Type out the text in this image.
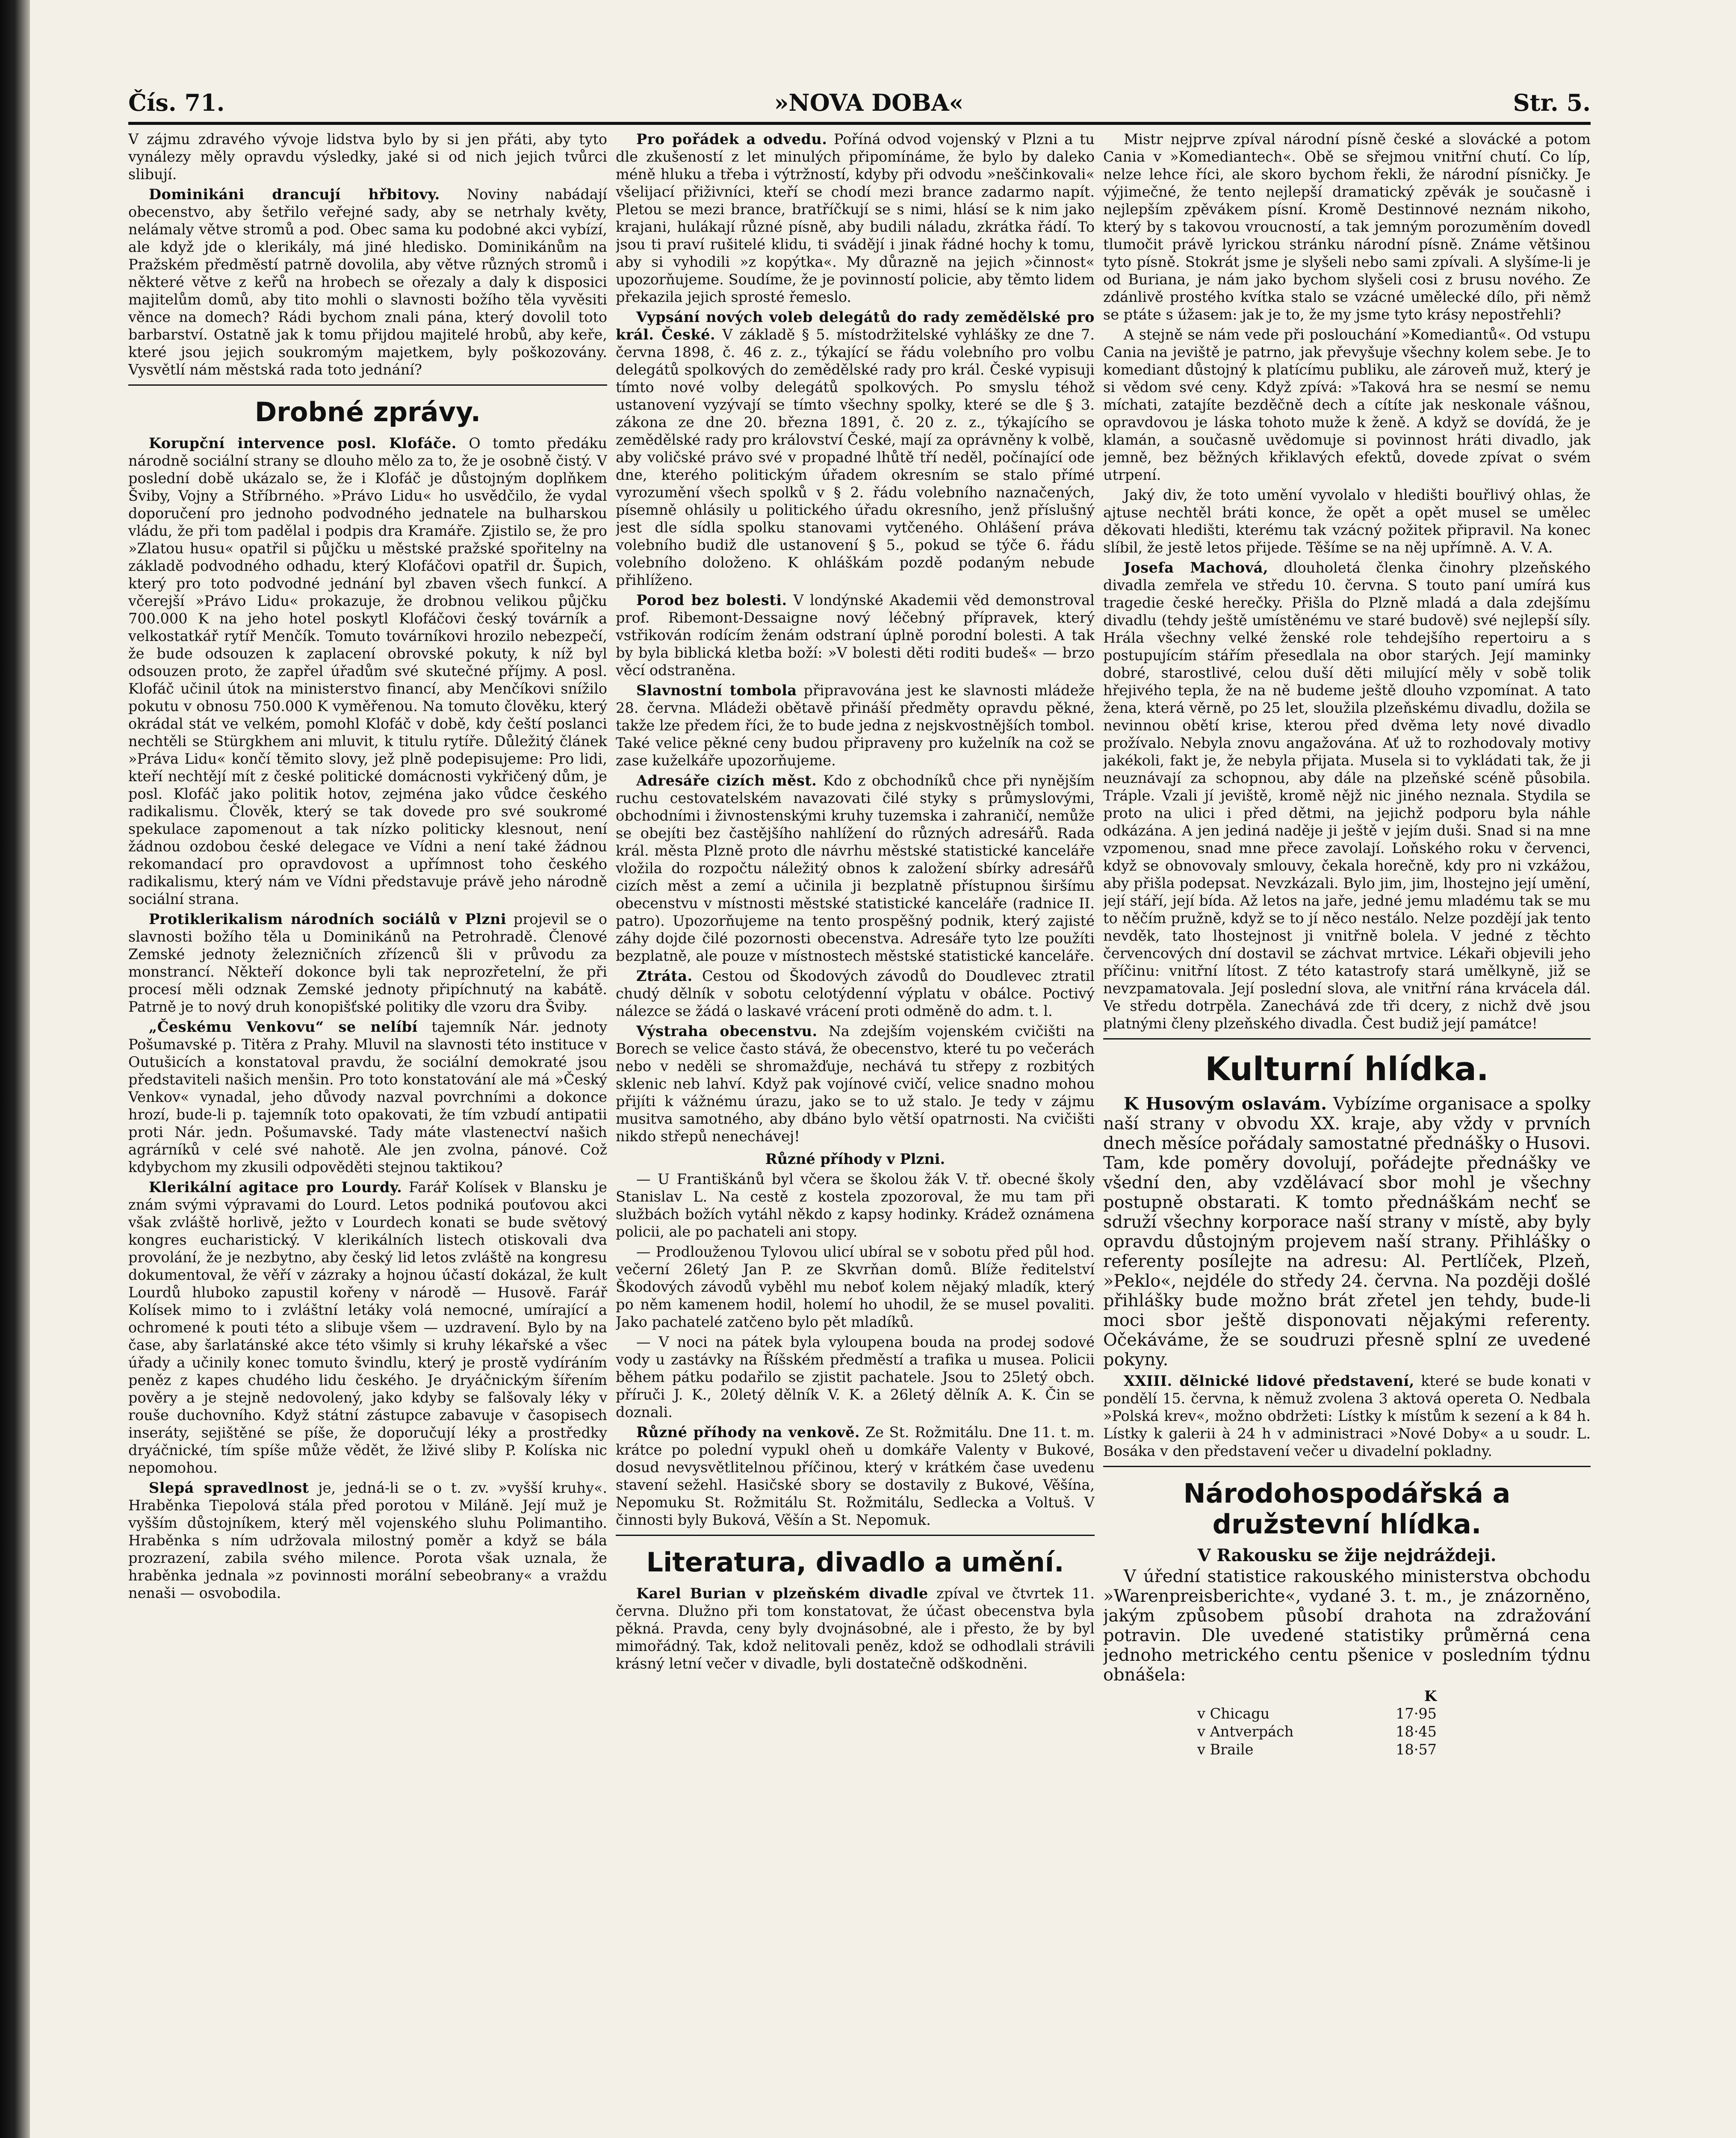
Čís. 71.	»NOVA DOBA«	Str. 5.

V zájmu zdravého vývoje lidstva bylo by si jen přáti, aby tyto vynálezy měly opravdu výsledky, jaké si od nich jejich tvůrci slibují.

Dominikáni drancují hřbitovy. Noviny nabádají obecenstvo, aby šetřilo veřejné sady, aby se netrhaly květy, nelámaly větve stromů a pod. Obec sama ku podobné akci vybízí, ale když jde o klerikály, má jiné hledisko. Dominikánům na Pražském předměstí patrně dovolila, aby větve různých stromů i některé větve z keřů na hrobech se ořezaly a daly k disposici majitelům domů, aby tito mohli o slavnosti božího těla vyvěsiti věnce na domech? Rádi bychom znali pána, který dovolil toto barbarství. Ostatně jak k tomu přijdou majitelé hrobů, aby keře, které jsou jejich soukromým majetkem, byly poškozovány. Vysvětlí nám městská rada toto jednání?

Drobné zprávy.

Korupční intervence posl. Klofáče. O tomto předáku národně sociální strany se dlouho mělo za to, že je osobně čistý. V poslední době ukázalo se, že i Klofáč je důstojným doplňkem Šviby, Vojny a Stříbrného. »Právo Lidu« ho usvědčilo, že vydal doporučení pro jednoho podvodného jednatele na bulharskou vládu, že při tom padělal i podpis dra Kramáře. Zjistilo se, že pro »Zlatou husu« opatřil si půjčku u městské pražské spořitelny na základě podvodného odhadu, který Klofáčovi opatřil dr. Šupich, který pro toto podvodné jednání byl zbaven všech funkcí. A včerejší »Právo Lidu« prokazuje, že drobnou velikou půjčku 700.000 K na jeho hotel poskytl Klofáčovi český továrník a velkostatkář rytíř Menčík. Tomuto továrníkovi hrozilo nebezpečí, že bude odsouzen k zaplacení obrovské pokuty, k níž byl odsouzen proto, že zapřel úřadům své skutečné příjmy. A posl. Klofáč učinil útok na ministerstvo financí, aby Menčíkovi snížilo pokutu v obnosu 750.000 K vyměřenou. Na tomuto člověku, který okrádal stát ve velkém, pomohl Klofáč v době, kdy čeští poslanci nechtěli se Stürgkhem ani mluvit, k titulu rytíře. Důležitý článek »Práva Lidu« končí těmito slovy, jež plně podepisujeme: Pro lidi, kteří nechtějí mít z české politické domácnosti vykřičený dům, je posl. Klofáč jako politik hotov, zejména jako vůdce českého radikalismu. Člověk, který se tak dovede pro své soukromé spekulace zapomenout a tak nízko politicky klesnout, není žádnou ozdobou české delegace ve Vídni a není také žádnou rekomandací pro opravdovost a upřímnost toho českého radikalismu, který nám ve Vídni představuje právě jeho národně sociální strana.

Protiklerikalism národních sociálů v Plzni projevil se o slavnosti božího těla u Dominikánů na Petrohradě. Členové Zemské jednoty železničních zřízenců šli v průvodu za monstrancí. Někteří dokonce byli tak neprozřetelní, že při procesí měli odznak Zemské jednoty připíchnutý na kabátě. Patrně je to nový druh konopišťské politiky dle vzoru dra Šviby.

„Českému Venkovu“ se nelíbí tajemník Nár. jednoty Pošumavské p. Titěra z Prahy. Mluvil na slavnosti této instituce v Outušicích a konstatoval pravdu, že sociální demokraté jsou představiteli našich menšin. Pro toto konstatování ale má »Český Venkov« vynadal, jeho důvody nazval povrchními a dokonce hrozí, bude-li p. tajemník toto opakovati, že tím vzbudí antipatii proti Nár. jedn. Pošumavské. Tady máte vlastenectví našich agrárníků v celé své nahotě. Ale jen zvolna, pánové. Což kdybychom my zkusili odpověděti stejnou taktikou?

Klerikální agitace pro Lourdy. Farář Kolísek v Blansku je znám svými výpravami do Lourd. Letos podniká pouťovou akci však zvláště horlivě, ježto v Lourdech konati se bude světový kongres eucharistický. V klerikálních listech otiskovali dva provolání, že je nezbytno, aby český lid letos zvláště na kongresu dokumentoval, že věří v zázraky a hojnou účastí dokázal, že kult Lourdů hluboko zapustil kořeny v národě — Husově. Farář Kolísek mimo to i zvláštní letáky volá nemocné, umírající a ochromené k pouti této a slibuje všem — uzdravení. Bylo by na čase, aby šarlatánské akce této všimly si kruhy lékařské a všec úřady a učinily konec tomuto švindlu, který je prostě vydíráním peněz z kapes chudého lidu českého. Je dryáčnickým šířením pověry a je stejně nedovolený, jako kdyby se falšovaly léky v rouše duchovního. Když státní zástupce zabavuje v časopisech inseráty, sejištěné se píše, že doporučují léky a prostředky dryáčnické, tím spíše může vědět, že lživé sliby P. Kolíska nic nepomohou.

Slepá spravedlnost je, jedná-li se o t. zv. »vyšší kruhy«. Hraběnka Tiepolová stála před porotou v Miláně. Její muž je vyšším důstojníkem, který měl vojenského sluhu Polimantiho. Hraběnka s ním udržovala milostný poměr a když se bála prozrazení, zabila svého milence. Porota však uznala, že hraběnka jednala »z povinnosti morální sebeobrany« a vraždu nenaši — osvobodila.

Pro pořádek a odvedu. Poříná odvod vojenský v Plzni a tu dle zkušeností z let minulých připomínáme, že bylo by daleko méně hluku a třeba i výtržností, kdyby při odvodu »neščinkovali« všelijací přiživníci, kteří se chodí mezi brance zadarmo napít. Pletou se mezi brance, bratříčkují se s nimi, hlásí se k nim jako krajani, hulákají různé písně, aby budili náladu, zkrátka řádí. To jsou ti praví rušitelé klidu, ti svádějí i jinak řádné hochy k tomu, aby si vyhodili »z kopýtka«. My důrazně na jejich »činnost« upozorňujeme. Soudíme, že je povinností policie, aby těmto lidem překazila jejich sprosté řemeslo.

Vypsání nových voleb delegátů do rady zemědělské pro král. České. V základě § 5. místodržitelské vyhlášky ze dne 7. června 1898, č. 46 z. z., týkající se řádu volebního pro volbu delegátů spolkových do zemědělské rady pro král. České vypisuji tímto nové volby delegátů spolkových. Po smyslu téhož ustanovení vyzývají se tímto všechny spolky, které se dle § 3. zákona ze dne 20. března 1891, č. 20 z. z., týkajícího se zemědělské rady pro království České, mají za oprávněny k volbě, aby voličské právo své v propadné lhůtě tří neděl, počínající ode dne, kterého politickým úřadem okresním se stalo přímé vyrozumění všech spolků v § 2. řádu volebního naznačených, písemně ohlásily u politického úřadu okresního, jenž příslušný jest dle sídla spolku stanovami vytčeného. Ohlášení práva volebního budiž dle ustanovení § 5., pokud se týče 6. řádu volebního doloženo. K ohláškám pozdě podaným nebude přihlíženo.

Porod bez bolesti. V londýnské Akademii věd demonstroval prof. Ribemont-Dessaigne nový léčebný přípravek, který vstřikován rodícím ženám odstraní úplně porodní bolesti. A tak by byla biblická kletba boží: »V bolesti děti roditi budeš« — brzo věcí odstraněna.

Slavnostní tombola připravována jest ke slavnosti mládeže 28. června. Mládeži obětavě přináší předměty opravdu pěkné, takže lze předem říci, že to bude jedna z nejskvostnějších tombol. Také velice pěkné ceny budou připraveny pro kuželník na což se zase kuželkáře upozorňujeme.

Adresáře cizích měst. Kdo z obchodníků chce při nynějším ruchu cestovatelském navazovati čilé styky s průmyslovými, obchodními i živnostenskými kruhy tuzemska i zahraničí, nemůže se obejíti bez častějšího nahlížení do různých adresářů. Rada král. města Plzně proto dle návrhu městské statistické kanceláře vložila do rozpočtu náležitý obnos k založení sbírky adresářů cizích měst a zemí a učinila ji bezplatně přístupnou širšímu obecenstvu v místnosti městské statistické kanceláře (radnice II. patro). Upozorňujeme na tento prospěšný podnik, který zajisté záhy dojde čilé pozornosti obecenstva. Adresáře tyto lze použíti bezplatně, ale pouze v místnostech městské statistické kanceláře.

Ztráta. Cestou od Škodových závodů do Doudlevec ztratil chudý dělník v sobotu celotýdenní výplatu v obálce. Poctivý nálezce se žádá o laskavé vrácení proti odměně do adm. t. l.

Výstraha obecenstvu. Na zdejším vojenském cvičišti na Borech se velice často stává, že obecenstvo, které tu po večerách nebo v neděli se shromažďuje, nechává tu střepy z rozbitých sklenic neb lahví. Když pak vojínové cvičí, velice snadno mohou přijíti k vážnému úrazu, jako se to už stalo. Je tedy v zájmu musitva samotného, aby dbáno bylo větší opatrnosti. Na cvičišti nikdo střepů nenechávej!

Různé příhody v Plzni.

— U Františkánů byl včera se školou žák V. tř. obecné školy Stanislav L. Na cestě z kostela zpozoroval, že mu tam při službách božích vytáhl někdo z kapsy hodinky. Krádež oznámena policii, ale po pachateli ani stopy.

— Prodlouženou Tylovou ulicí ubíral se v sobotu před půl hod. večerní 26letý Jan P. ze Skvrňan domů. Blíže ředitelství Škodových závodů vyběhl mu neboť kolem nějaký mladík, který po něm kamenem hodil, holemí ho uhodil, že se musel povaliti. Jako pachatelé zatčeno bylo pět mladíků.

— V noci na pátek byla vyloupena bouda na prodej sodové vody u zastávky na Říšském předměstí a trafika u musea. Policii během pátku podařilo se zjistit pachatele. Jsou to 25letý obch. příruči J. K., 20letý dělník V. K. a 26letý dělník A. K. Čin se doznali.

Různé příhody na venkově. Ze St. Rožmitálu. Dne 11. t. m. krátce po polední vypukl oheň u domkáře Valenty v Bukové, dosud nevysvětlitelnou příčinou, který v krátkém čase uvedenu stavení sežehl. Hasičské sbory se dostavily z Bukové, Věšína, Nepomuku St. Rožmitálu St. Rožmitálu, Sedlecka a Voltuš. V činnosti byly Buková, Věšín a St. Nepomuk.

Literatura, divadlo a umění.

Karel Burian v plzeňském divadle zpíval ve čtvrtek 11. června. Dlužno při tom konstatovat, že účast obecenstva byla pěkná. Pravda, ceny byly dvojnásobné, ale i přesto, že by byl mimořádný. Tak, kdož nelitovali peněz, kdož se odhodlali strávili krásný letní večer v divadle, byli dostatečně odškodněni.

Mistr nejprve zpíval národní písně české a slovácké a potom Cania v »Komediantech«. Obě se sřejmou vnitřní chutí. Co líp, nelze lehce říci, ale skoro bychom řekli, že národní písničky. Je výjimečné, že tento nejlepší dramatický zpěvák je současně i nejlepším zpěvákem písní. Kromě Destinnové neznám nikoho, který by s takovou vroucností, a tak jemným porozuměním dovedl tlumočit právě lyrickou stránku národní písně. Známe většinou tyto písně. Stokrát jsme je slyšeli nebo sami zpívali. A slyšíme-li je od Buriana, je nám jako bychom slyšeli cosi z brusu nového. Ze zdánlivě prostého kvítka stalo se vzácné umělecké dílo, při němž se ptáte s úžasem: jak je to, že my jsme tyto krásy nepostřehli?

A stejně se nám vede při poslouchání »Komediantů«. Od vstupu Cania na jeviště je patrno, jak převyšuje všechny kolem sebe. Je to komediant důstojný k platícímu publiku, ale zároveň muž, který je si vědom své ceny. Když zpívá: »Taková hra se nesmí se nemu míchati, zatajíte bezděčně dech a cítíte jak neskonale vášnou, opravdovou je láska tohoto muže k ženě. A když se dovídá, že je klamán, a současně uvědomuje si povinnost hráti divadlo, jak jemně, bez běžných křiklavých efektů, dovede zpívat o svém utrpení.

Jaký div, že toto umění vyvolalo v hledišti bouřlivý ohlas, že ajtuse nechtěl bráti konce, že opět a opět musel se umělec děkovati hledišti, kterému tak vzácný požitek připravil. Na konec slíbil, že jestě letos přijede. Těšíme se na něj upřímně. A. V. A.

Josefa Machová, dlouholetá členka činohry plzeňského divadla zemřela ve středu 10. června. S touto paní umírá kus tragedie české herečky. Přišla do Plzně mladá a dala zdejšímu divadlu (tehdy ještě umístěnému ve staré budově) své nejlepší síly. Hrála všechny velké ženské role tehdejšího repertoiru a s postupujícím stářím přesedlala na obor starých. Její maminky dobré, starostlivé, celou duší děti milující měly v sobě tolik hřejivého tepla, že na ně budeme ještě dlouho vzpomínat. A tato žena, která věrně, po 25 let, sloužila plzeňskému divadlu, dožila se nevinnou obětí krise, kterou před dvěma lety nové divadlo prožívalo. Nebyla znovu angažována. Ať už to rozhodovaly motivy jakékoli, fakt je, že nebyla přijata. Musela si to vykládati tak, že ji neuznávají za schopnou, aby dále na plzeňské scéně působila. Tráple. Vzali jí jeviště, kromě nějž nic jiného neznala. Stydila se proto na ulici i před dětmi, na jejichž podporu byla náhle odkázána. A jen jediná naděje ji ještě v jejím duši. Snad si na mne vzpomenou, snad mne přece zavolají. Loňského roku v červenci, když se obnovovaly smlouvy, čekala horečně, kdy pro ni vzkážou, aby přišla podepsat. Nevzkázali. Bylo jim, jim, lhostejno její umění, její stáří, její bída. Až letos na jaře, jedné jemu mladému tak se mu to něčím pružně, když se to jí něco nestálo. Nelze pozdějí jak tento nevděk, tato lhostejnost ji vnitřně bolela. V jedné z těchto červencových dní dostavil se záchvat mrtvice. Lékaři objevili jeho příčinu: vnitřní lítost. Z této katastrofy stará umělkyně, již se nevzpamatovala. Její poslední slova, ale vnitřní rána krvácela dál. Ve středu dotrpěla. Zanechává zde tři dcery, z nichž dvě jsou platnými členy plzeňského divadla. Čest budiž její památce!

Kulturní hlídka.

K Husovým oslavám. Vybízíme organisace a spolky naší strany v obvodu XX. kraje, aby vždy v prvních dnech měsíce pořádaly samostatné přednášky o Husovi. Tam, kde poměry dovolují, pořádejte přednášky ve všední den, aby vzdělávací sbor mohl je všechny postupně obstarati. K tomto přednáškám nechť se sdruží všechny korporace naší strany v místě, aby byly opravdu důstojným projevem naší strany. Přihlášky o referenty posílejte na adresu: Al. Pertlíček, Plzeň, »Peklo«, nejdéle do středy 24. června. Na později došlé přihlášky bude možno brát zřetel jen tehdy, bude-li moci sbor ještě disponovati nějakými referenty. Očekáváme, že se soudruzi přesně splní ze uvedené pokyny.

XXIII. dělnické lidové představení, které se bude konati v pondělí 15. června, k němuž zvolena 3 aktová opereta O. Nedbala »Polská krev«, možno obdržeti: Lístky k místům k sezení a k 84 h. Lístky k galerii à 24 h v administraci »Nové Doby« a u soudr. L. Bosáka v den představení večer u divadelní pokladny.

Národohospodářská a družstevní hlídka.
V Rakousku se žije nejdráždeji.

V úřední statistice rakouského ministerstva obchodu »Warenpreisberichte«, vydané 3. t. m., je znázorněno, jakým způsobem působí drahota na zdražování potravin. Dle uvedené statistiky průměrná cena jednoho metrického centu pšenice v posledním týdnu obnášela:

K
v Chicagu	17·95
v Antverpách	18·45
v Braile	18·57
